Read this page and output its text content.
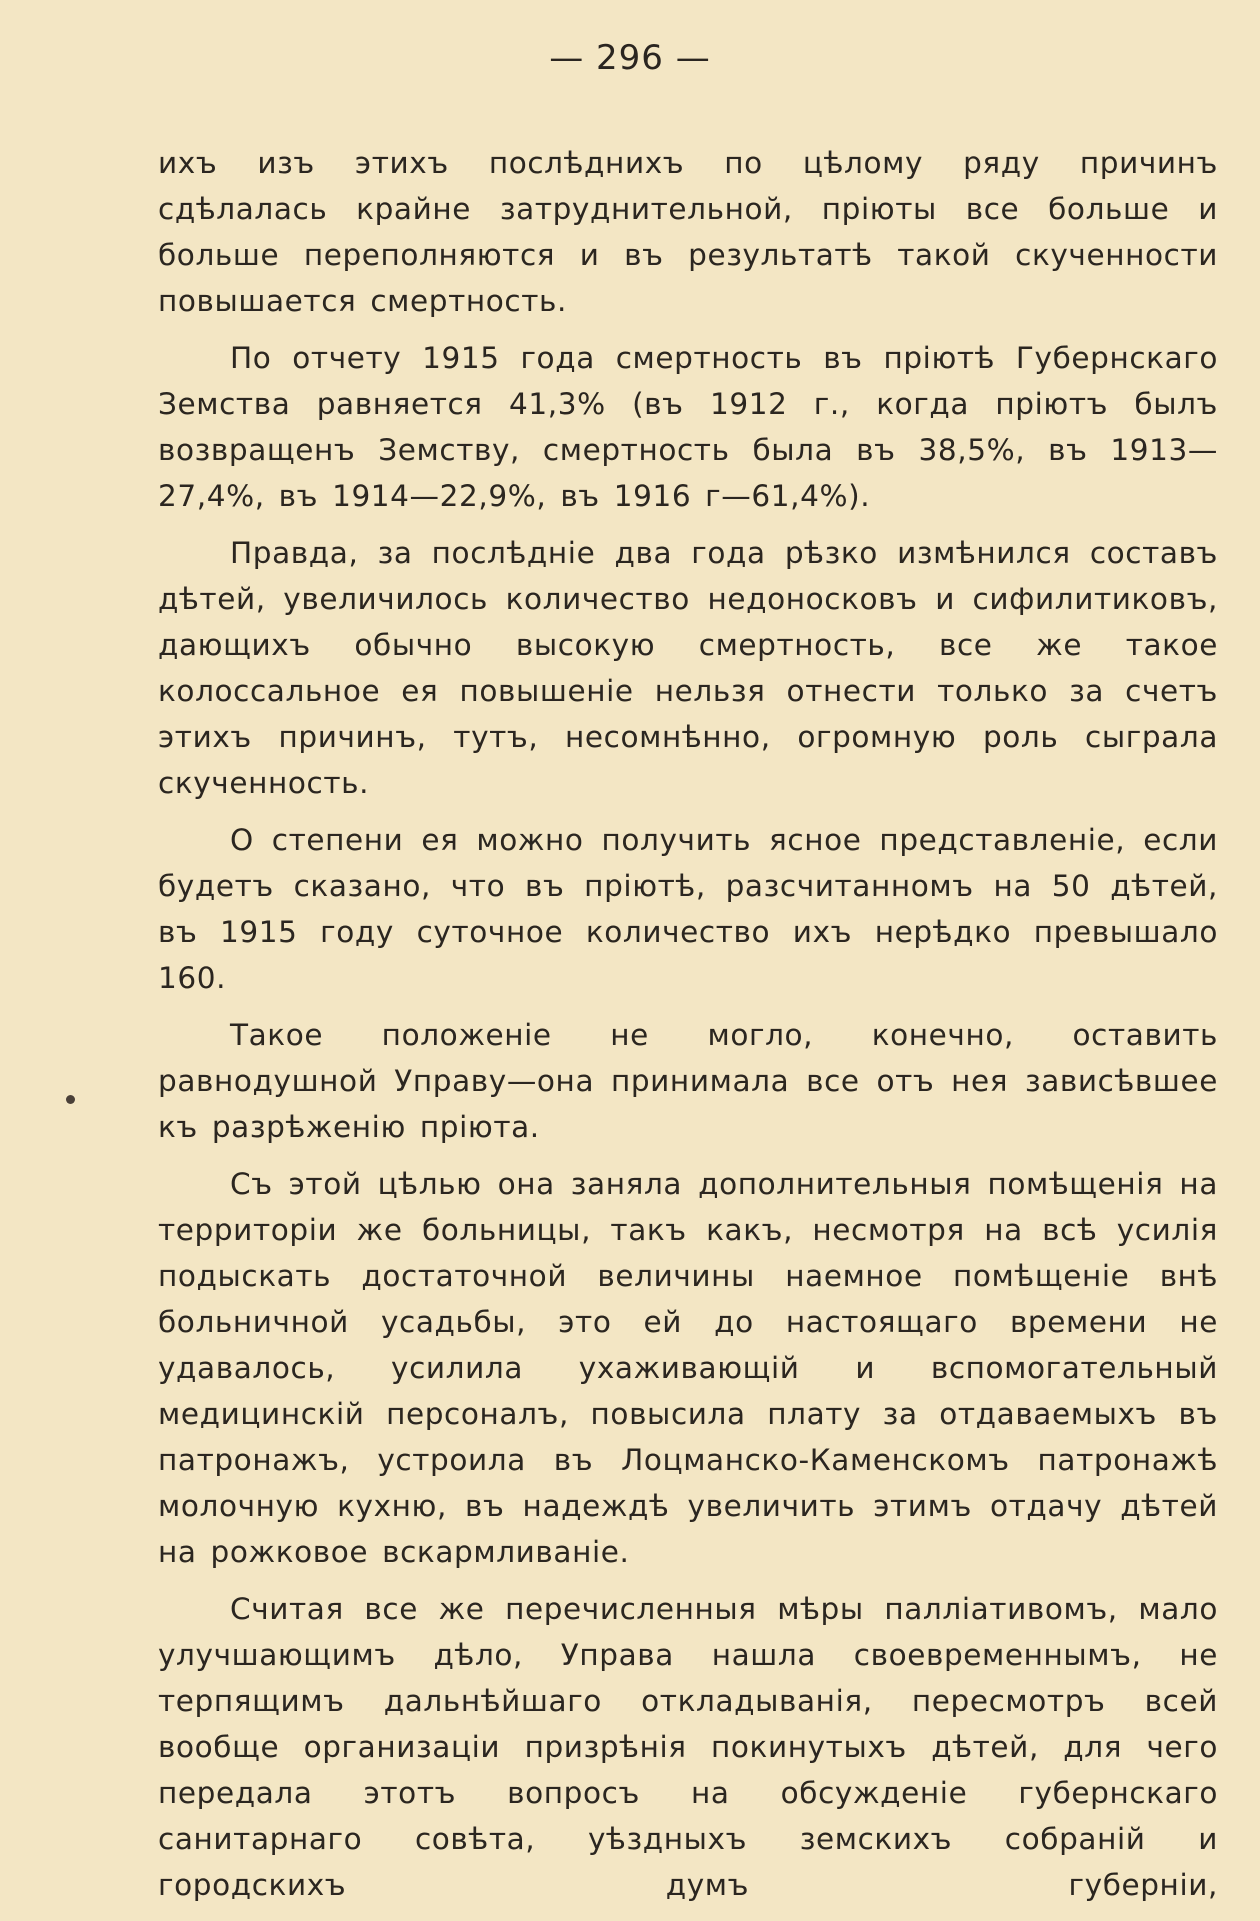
— 296 —

ихъ изъ этихъ послѣднихъ по цѣлому ряду причинъ сдѣлалась крайне затруднительной, пріюты все больше и больше переполняются и въ результатѣ такой скученности повышается смертность.

По отчету 1915 года смертность въ пріютѣ Губернскаго Земства равняется 41,3% (въ 1912 г., когда пріютъ былъ возвращенъ Земству, смертность была въ 38,5%, въ 1913—27,4%, въ 1914—22,9%, въ 1916 г—61,4%).

Правда, за послѣдніе два года рѣзко измѣнился составъ дѣтей, увеличилось количество недоносковъ и сифилитиковъ, дающихъ обычно высокую смертность, все же такое колоссальное ея повышеніе нельзя отнести только за счетъ этихъ причинъ, тутъ, несомнѣнно, огромную роль сыграла скученность.

О степени ея можно получить ясное представленіе, если будетъ сказано, что въ пріютѣ, разсчитанномъ на 50 дѣтей, въ 1915 году суточное количество ихъ нерѣдко превышало 160.

Такое положеніе не могло, конечно, оставить равнодушной Управу—она принимала все отъ нея зависѣвшее къ разрѣженію пріюта.

Съ этой цѣлью она заняла дополнительныя помѣщенія на территоріи же больницы, такъ какъ, несмотря на всѣ усилія подыскать достаточной величины наемное помѣщеніе внѣ больничной усадьбы, это ей до настоящаго времени не удавалось, усилила ухаживающій и вспомогательный медицинскій персоналъ, повысила плату за отдаваемыхъ въ патронажъ, устроила въ Лоцманско-Каменскомъ патронажѣ молочную кухню, въ надеждѣ увеличить этимъ отдачу дѣтей на рожковое вскармливаніе.

Считая все же перечисленныя мѣры палліативомъ, мало улучшающимъ дѣло, Управа нашла своевременнымъ, не терпящимъ дальнѣйшаго откладыванія, пересмотръ всей вообще организаціи призрѣнія покинутыхъ дѣтей, для чего передала этотъ вопросъ на обсужденіе губернскаго санитарнаго совѣта, уѣздныхъ земскихъ собраній и городскихъ думъ губерніи,
